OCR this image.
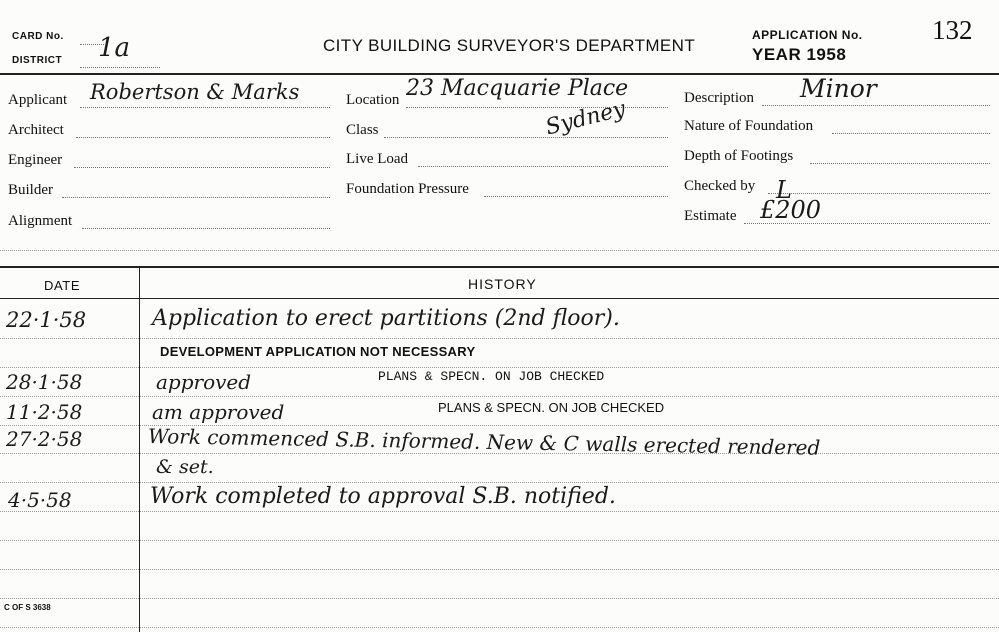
CARD No.
DISTRICT 1a	CITY BUILDING SURVEYOR'S DEPARTMENT
APPLICATION No.
YEAR 1958
132
Applicant Robertson & Marks
Architect
Engineer
Builder
Alignment
Location 23 Macquarie Place
Class	Sydney
Live Load
Foundation Pressure
Description Minor
Nature of Foundation
Depth of Footings
Checked by L
Estimate £200
DATE	HISTORY
22·1·58	Application to erect partitions (2nd floor).
DEVELOPMENT APPLICATION NOT NECESSARY
28·1·58	approved	PLANS & SPECN. ON JOB CHECKED
11·2·58	am approved	PLANS & SPECN. ON JOB CHECKED
27·2·58	Work commenced S.B. informed. New & C walls erected rendered
& set.
4·5·58	Work completed to approval S.B. notified.
C OF S 3638
